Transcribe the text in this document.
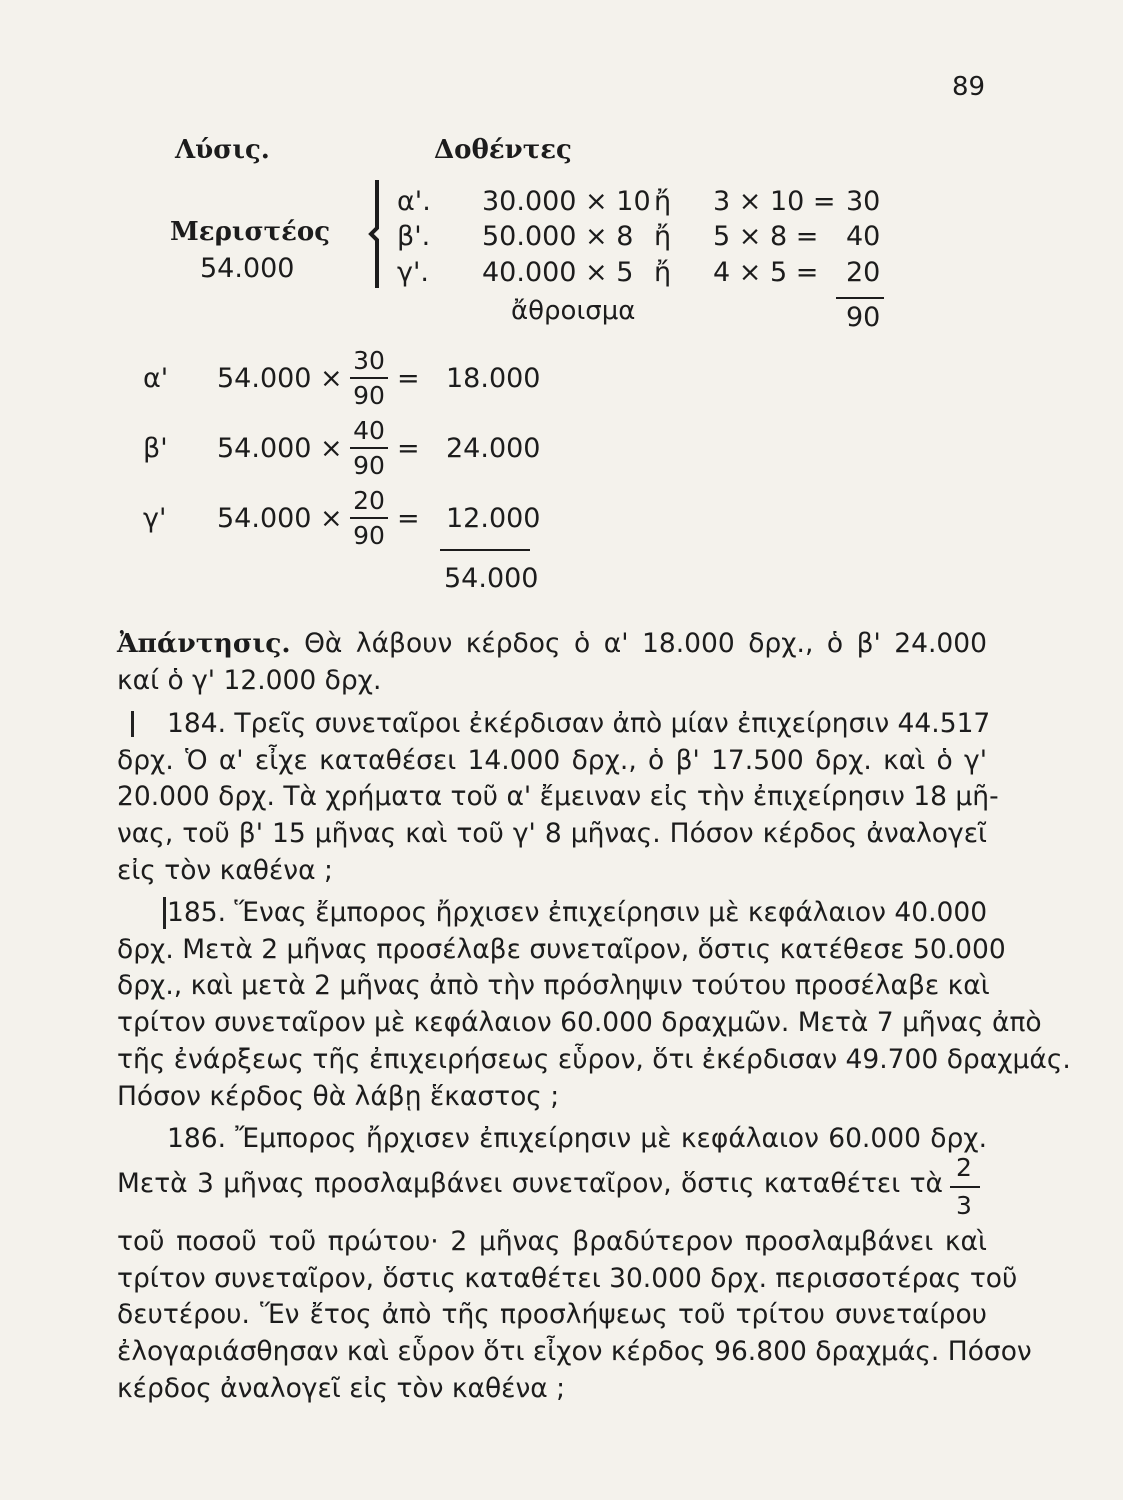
89
Λύσις.	Δοθέντες
Μεριστέος
54.000
α'. 30.000 × 10 ἤ 3 × 10 = 30
β'. 50.000 × 8 ἤ 5 × 8 = 40
γ'. 40.000 × 5 ἤ 4 × 5 = 20
ἄθροισμα	90
α' 54.000 ×
30
90
= 18.000
β' 54.000 ×
40
90
= 24.000
γ' 54.000 ×
20
90
= 12.000
54.000
Ἀπάντησις. Θὰ λάβουν κέρδος ὁ α' 18.000 δρχ., ὁ β' 24.000
καί ὁ γ' 12.000 δρχ.
184. Τρεῖς συνεταῖροι ἐκέρδισαν ἀπὸ μίαν ἐπιχείρησιν 44.517
δρχ. Ὁ α' εἶχε καταθέσει 14.000 δρχ., ὁ β' 17.500 δρχ. καὶ ὁ γ'
20.000 δρχ. Τὰ χρήματα τοῦ α' ἔμειναν εἰς τὴν ἐπιχείρησιν 18 μῆ-
νας, τοῦ β' 15 μῆνας καὶ τοῦ γ' 8 μῆνας. Πόσον κέρδος ἀναλογεῖ
εἰς τὸν καθένα ;
185. Ἕνας ἔμπορος ἤρχισεν ἐπιχείρησιν μὲ κεφάλαιον 40.000
δρχ. Μετὰ 2 μῆνας προσέλαβε συνεταῖρον, ὅστις κατέθεσε 50.000
δρχ., καὶ μετὰ 2 μῆνας ἀπὸ τὴν πρόσληψιν τούτου προσέλαβε καὶ
τρίτον συνεταῖρον μὲ κεφάλαιον 60.000 δραχμῶν. Μετὰ 7 μῆνας ἀπὸ
τῆς ἐνάρξεως τῆς ἐπιχειρήσεως εὗρον, ὅτι ἐκέρδισαν 49.700 δραχμάς.
Πόσον κέρδος θὰ λάβῃ ἕκαστος ;
186. Ἔμπορος ἤρχισεν ἐπιχείρησιν μὲ κεφάλαιον 60.000 δρχ.
Μετὰ 3 μῆνας προσλαμβάνει συνεταῖρον, ὅστις καταθέτει τὰ
2
3
τοῦ ποσοῦ τοῦ πρώτου· 2 μῆνας βραδύτερον προσλαμβάνει καὶ
τρίτον συνεταῖρον, ὅστις καταθέτει 30.000 δρχ. περισσοτέρας τοῦ
δευτέρου. Ἕν ἔτος ἀπὸ τῆς προσλήψεως τοῦ τρίτου συνεταίρου
ἐλογαριάσθησαν καὶ εὗρον ὅτι εἶχον κέρδος 96.800 δραχμάς. Πόσον
κέρδος ἀναλογεῖ εἰς τὸν καθένα ;
